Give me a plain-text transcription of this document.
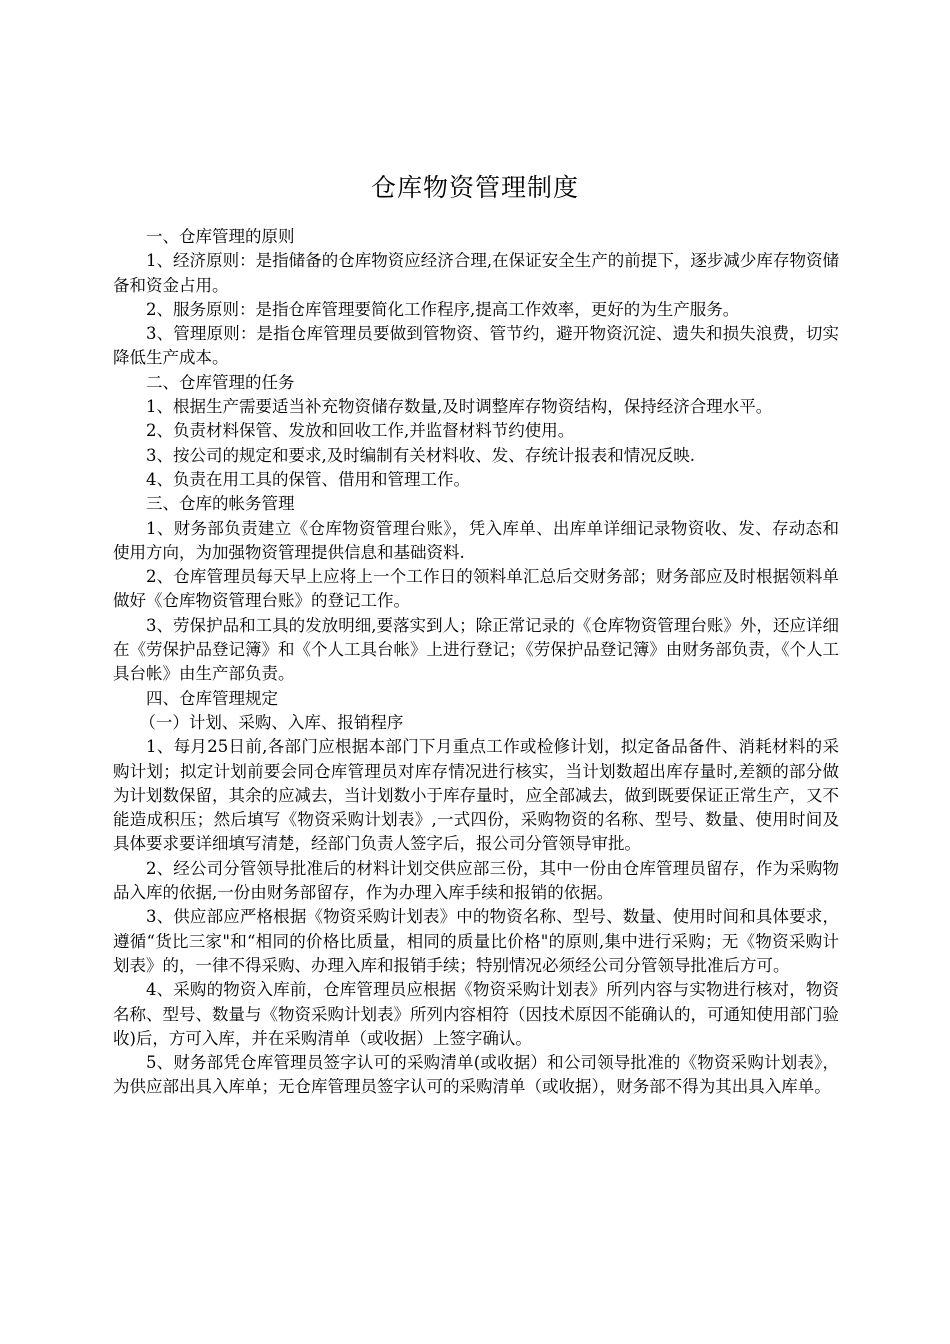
仓库物资管理制度

一、仓库管理的原则

1、经济原则：是指储备的仓库物资应经济合理,在保证安全生产的前提下，逐步减少库存物资储备和资金占用。

2、服务原则：是指仓库管理要简化工作程序,提高工作效率，更好的为生产服务。

3、管理原则：是指仓库管理员要做到管物资、管节约，避开物资沉淀、遗失和损失浪费，切实降低生产成本。

二、仓库管理的任务

1、根据生产需要适当补充物资储存数量,及时调整库存物资结构，保持经济合理水平。

2、负责材料保管、发放和回收工作,并监督材料节约使用。

3、按公司的规定和要求,及时编制有关材料收、发、存统计报表和情况反映.

4、负责在用工具的保管、借用和管理工作。

三、仓库的帐务管理

1、财务部负责建立《仓库物资管理台账》，凭入库单、出库单详细记录物资收、发、存动态和使用方向，为加强物资管理提供信息和基础资料.

2、仓库管理员每天早上应将上一个工作日的领料单汇总后交财务部；财务部应及时根据领料单做好《仓库物资管理台账》的登记工作。

3、劳保护品和工具的发放明细,要落实到人；除正常记录的《仓库物资管理台账》外，还应详细在《劳保护品登记簿》和《个人工具台帐》上进行登记；《劳保护品登记簿》由财务部负责，《个人工具台帐》由生产部负责。

四、仓库管理规定

（一）计划、采购、入库、报销程序

1、每月25日前,各部门应根据本部门下月重点工作或检修计划，拟定备品备件、消耗材料的采购计划；拟定计划前要会同仓库管理员对库存情况进行核实，当计划数超出库存量时,差额的部分做为计划数保留，其余的应减去，当计划数小于库存量时，应全部减去，做到既要保证正常生产，又不能造成积压；然后填写《物资采购计划表》,一式四份，采购物资的名称、型号、数量、使用时间及具体要求要详细填写清楚，经部门负责人签字后，报公司分管领导审批。

2、经公司分管领导批准后的材料计划交供应部三份，其中一份由仓库管理员留存，作为采购物品入库的依据,一份由财务部留存，作为办理入库手续和报销的依据。

3、供应部应严格根据《物资采购计划表》中的物资名称、型号、数量、使用时间和具体要求，遵循“货比三家"和“相同的价格比质量，相同的质量比价格"的原则,集中进行采购；无《物资采购计划表》的，一律不得采购、办理入库和报销手续；特别情况必须经公司分管领导批准后方可。

4、采购的物资入库前，仓库管理员应根据《物资采购计划表》所列内容与实物进行核对，物资名称、型号、数量与《物资采购计划表》所列内容相符（因技术原因不能确认的，可通知使用部门验收)后，方可入库，并在采购清单（或收据）上签字确认。

5、财务部凭仓库管理员签字认可的采购清单(或收据）和公司领导批准的《物资采购计划表》，为供应部出具入库单；无仓库管理员签字认可的采购清单（或收据），财务部不得为其出具入库单。
